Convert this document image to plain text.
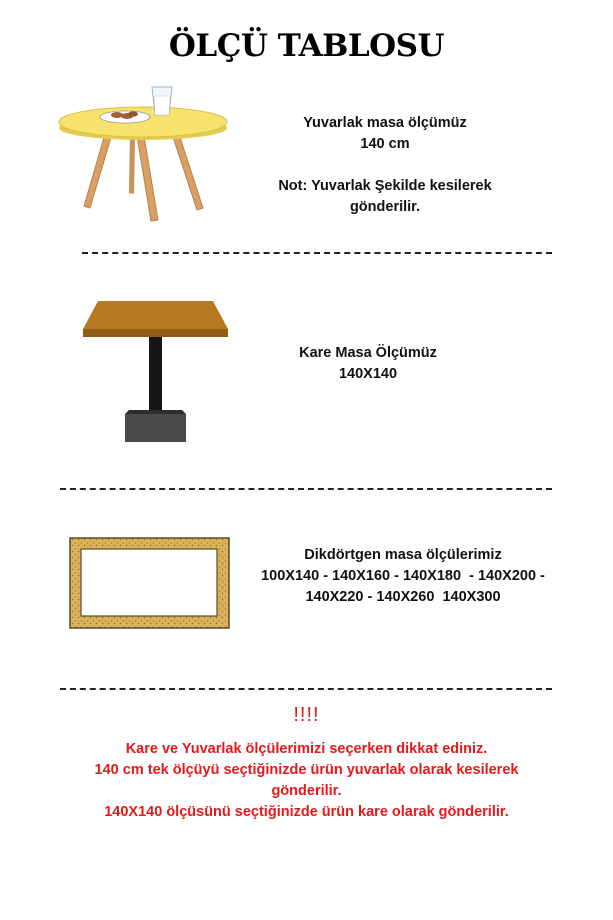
ÖLÇÜ TABLOSU
Yuvarlak masa ölçümüz
140 cm
Not: Yuvarlak Şekilde kesilerek
gönderilir.
Kare Masa Ölçümüz
140X140
Dikdörtgen masa ölçülerimiz
100X140 - 140X160 - 140X180  - 140X200 -
140X220 - 140X260  140X300
!!!!
Kare ve Yuvarlak ölçülerimizi seçerken dikkat ediniz.
140 cm tek ölçüyü seçtiğinizde ürün yuvarlak olarak kesilerek
gönderilir.
140X140 ölçüsünü seçtiğinizde ürün kare olarak gönderilir.
